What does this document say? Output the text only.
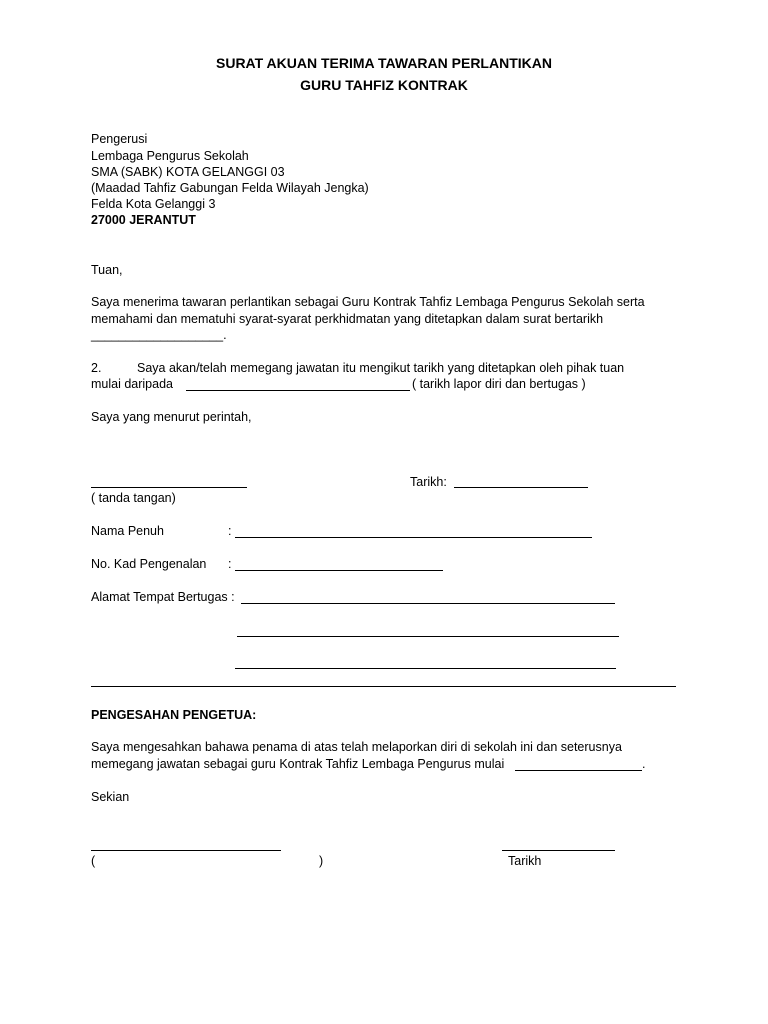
SURAT AKUAN TERIMA TAWARAN PERLANTIKAN
GURU TAHFIZ KONTRAK
Pengerusi
Lembaga Pengurus Sekolah
SMA (SABK) KOTA GELANGGI 03
(Maadad Tahfiz Gabungan Felda Wilayah Jengka)
Felda Kota Gelanggi 3
27000 JERANTUT
Tuan,
Saya menerima tawaran perlantikan sebagai Guru Kontrak Tahfiz Lembaga Pengurus Sekolah serta
memahami dan mematuhi syarat-syarat perkhidmatan yang ditetapkan dalam surat bertarikh
___________________.
2.	Saya akan/telah memegang jawatan itu mengikut tarikh yang ditetapkan oleh pihak tuan
mulai daripada	( tarikh lapor diri dan bertugas )
Saya yang menurut perintah,
( tanda tangan)
Tarikh:
Nama Penuh	:
No. Kad Pengenalan :
Alamat Tempat Bertugas :
PENGESAHAN PENGETUA:
Saya mengesahkan bahawa penama di atas telah melaporkan diri di sekolah ini dan seterusnya
memegang jawatan sebagai guru Kontrak Tahfiz Lembaga Pengurus mulai	.
Sekian
(	)	Tarikh
